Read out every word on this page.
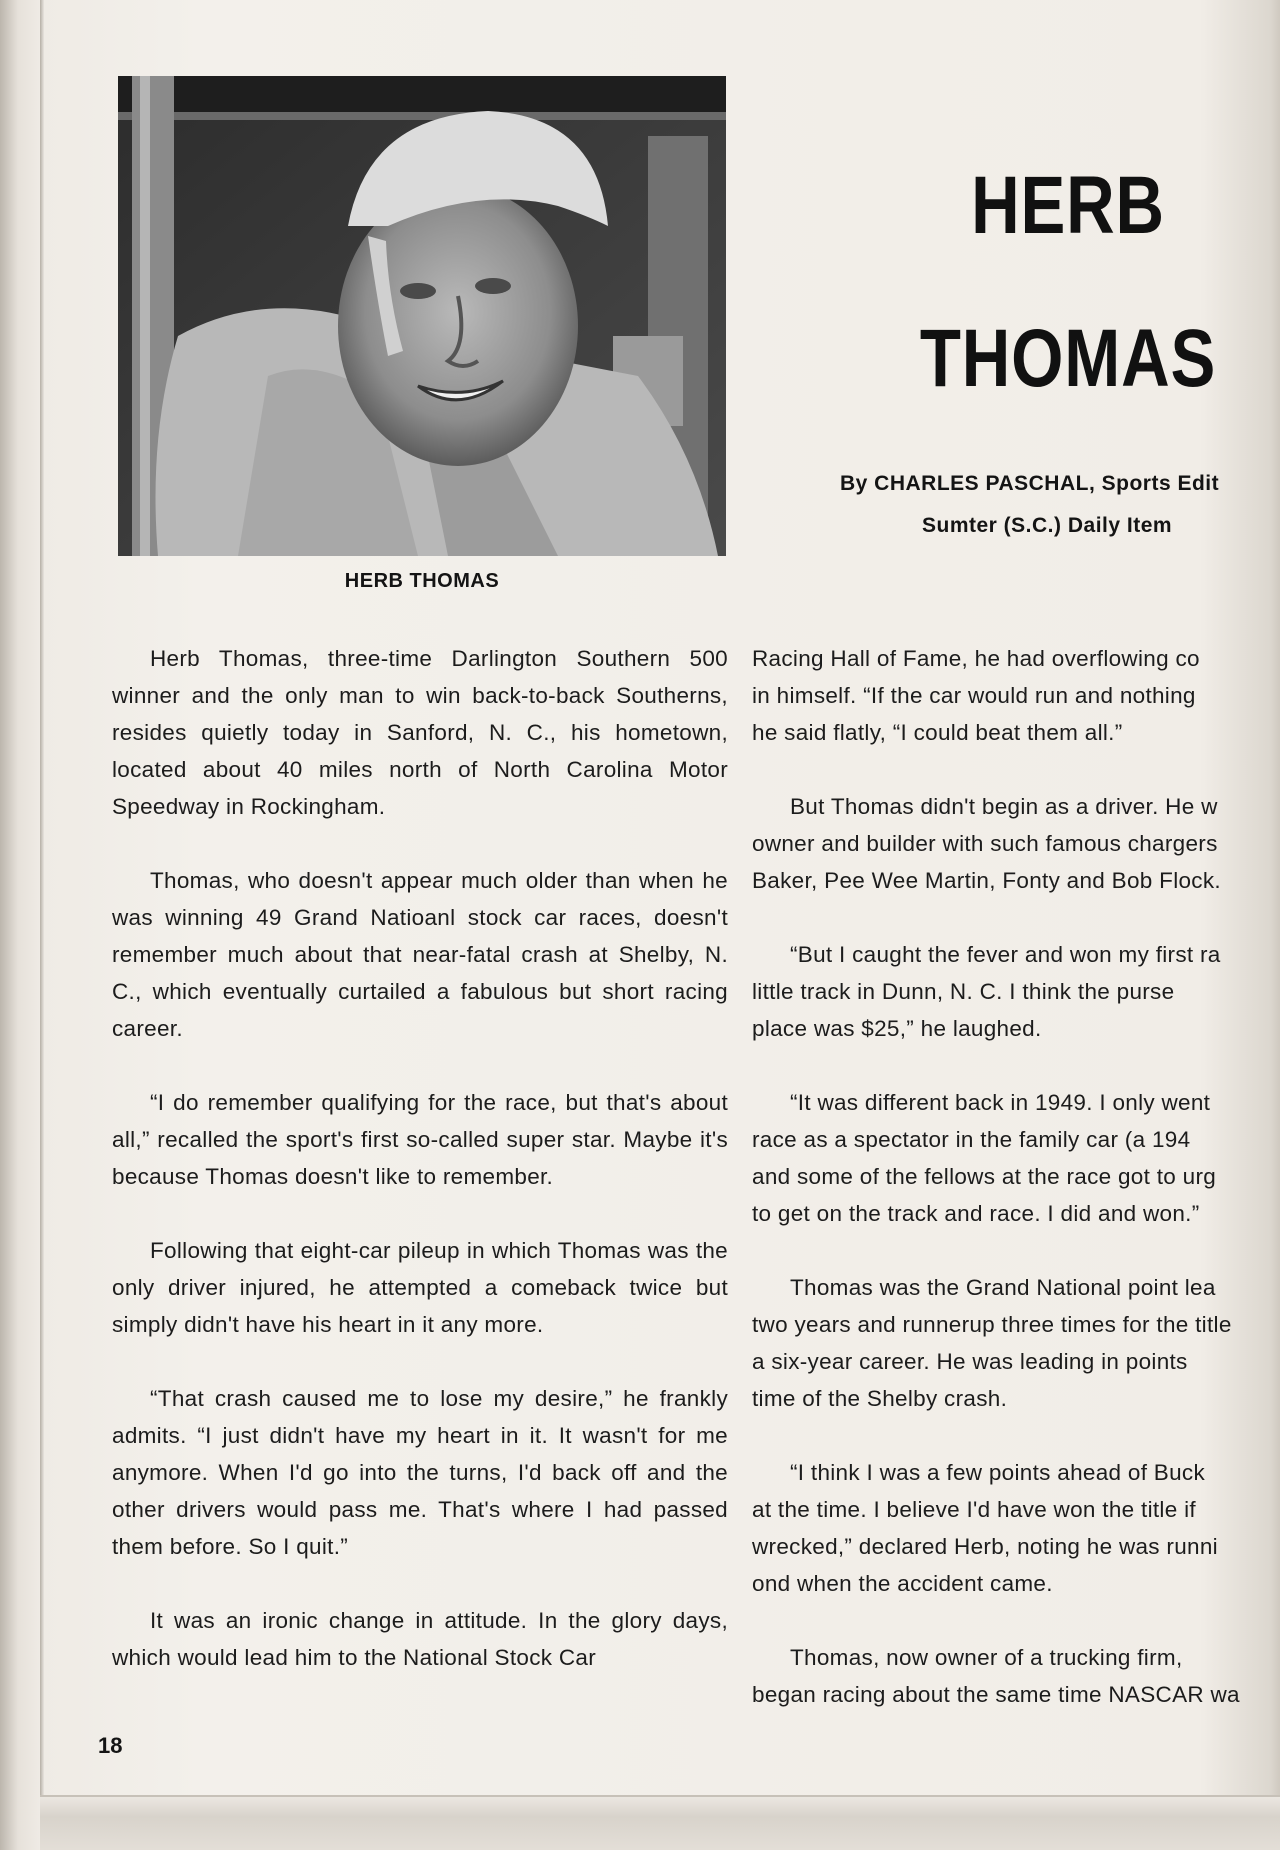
HERB THOMAS
HERB
THOMAS
By CHARLES PASCHAL, Sports Edit
Sumter (S.C.) Daily Item

Herb Thomas, three-time Darlington Southern 500 winner and the only man to win back-to-back Southerns, resides quietly today in Sanford, N. C., his hometown, located about 40 miles north of North Carolina Motor Speedway in Rockingham.

Thomas, who doesn't appear much older than when he was winning 49 Grand Natioanl stock car races, doesn't remember much about that near-fatal crash at Shelby, N. C., which eventually curtailed a fabulous but short racing career.

“I do remember qualifying for the race, but that's about all,” recalled the sport's first so-called super star. Maybe it's because Thomas doesn't like to remember.

Following that eight-car pileup in which Thomas was the only driver injured, he attempted a comeback twice but simply didn't have his heart in it any more.

“That crash caused me to lose my desire,” he frankly admits. “I just didn't have my heart in it. It wasn't for me anymore. When I'd go into the turns, I'd back off and the other drivers would pass me. That's where I had passed them before. So I quit.”

It was an ironic change in attitude. In the glory days, which would lead him to the National Stock Car

Racing Hall of Fame, he had overflowing co
in himself. “If the car would run and nothing
he said flatly, “I could beat them all.”

But Thomas didn't begin as a driver. He w
owner and builder with such famous chargers
Baker, Pee Wee Martin, Fonty and Bob Flock.

“But I caught the fever and won my first ra
little track in Dunn, N. C. I think the purse
place was $25,” he laughed.

“It was different back in 1949. I only went
race as a spectator in the family car (a 194
and some of the fellows at the race got to urg
to get on the track and race. I did and won.”

Thomas was the Grand National point lea
two years and runnerup three times for the title
a six-year career. He was leading in points
time of the Shelby crash.

“I think I was a few points ahead of Buck
at the time. I believe I'd have won the title if
wrecked,” declared Herb, noting he was runni
ond when the accident came.

Thomas, now owner of a trucking firm,
began racing about the same time NASCAR wa

18
